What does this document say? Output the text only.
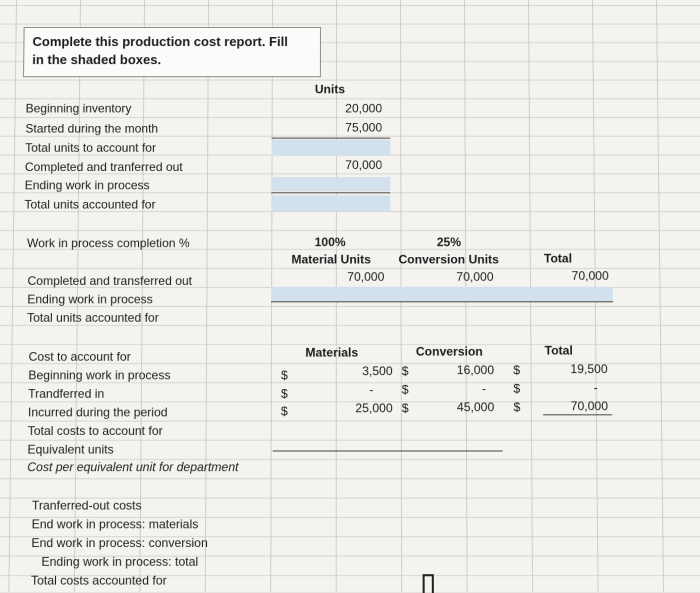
Complete this production cost report. Fill
in the shaded boxes.
Units
Beginning inventory	20,000
Started during the month	75,000
Total units to account for
Completed and tranferred out	70,000
Ending work in process
Total units accounted for
Work in process completion %	100%	25%
Material Units Conversion Units	Total
Completed and transferred out	70,000	70,000	70,000
Ending work in process
Total units accounted for
Materials	Conversion	Total
Cost to account for
Beginning work in process	$	3,500 $	16,000 $	19,500
Trandferred in	$	- $	- $	-
Incurred during the period	$	25,000 $	45,000 $	70,000
Total costs to account for
Equivalent units
Cost per equivalent unit for department
Tranferred-out costs
End work in process: materials
End work in process: conversion
Ending work in process: total
Total costs accounted for
